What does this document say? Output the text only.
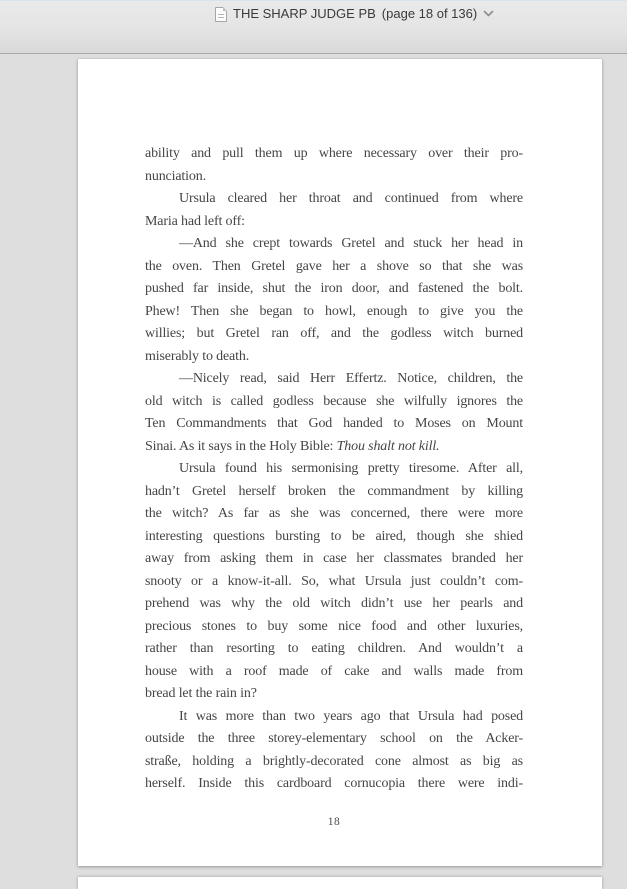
THE SHARP JUDGE PB (page 18 of 136)
ability and pull them up where necessary over their pro-
nunciation.
Ursula cleared her throat and continued from where
Maria had left off:
—And she crept towards Gretel and stuck her head in
the oven. Then Gretel gave her a shove so that she was
pushed far inside, shut the iron door, and fastened the bolt.
Phew! Then she began to howl, enough to give you the
willies; but Gretel ran off, and the godless witch burned
miserably to death.
—Nicely read, said Herr Effertz. Notice, children, the
old witch is called godless because she wilfully ignores the
Ten Commandments that God handed to Moses on Mount
Sinai. As it says in the Holy Bible: Thou shalt not kill.
Ursula found his sermonising pretty tiresome. After all,
hadn’t Gretel herself broken the commandment by killing
the witch? As far as she was concerned, there were more
interesting questions bursting to be aired, though she shied
away from asking them in case her classmates branded her
snooty or a know-it-all. So, what Ursula just couldn’t com-
prehend was why the old witch didn’t use her pearls and
precious stones to buy some nice food and other luxuries,
rather than resorting to eating children. And wouldn’t a
house with a roof made of cake and walls made from
bread let the rain in?
It was more than two years ago that Ursula had posed
outside the three storey-elementary school on the Acker-
straße, holding a brightly-decorated cone almost as big as
herself. Inside this cardboard cornucopia there were indi-
18
